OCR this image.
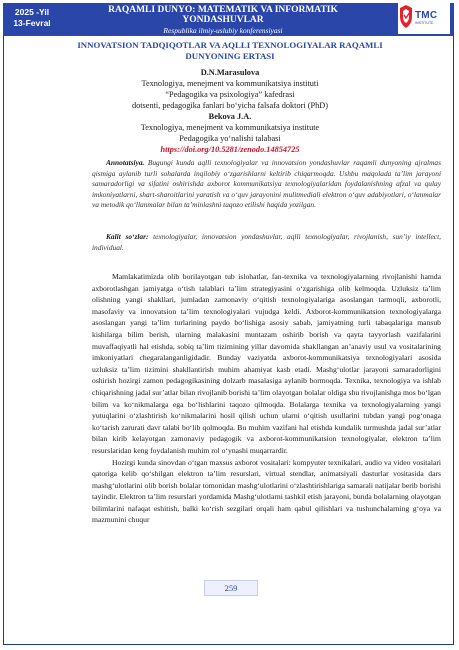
2025 -Yil
13-Fevral
RAQAMLI DUNYO: MATEMATIK VA INFORMATIK
YONDASHUVLAR
Respublika ilmiy-uslubiy konferensiyasi
TMC
INSTITUTE
INNOVATSION TADQIQOTLAR VA AQLLI TEXNOLOGIYALAR RAQAMLI
DUNYONING ERTASI
D.N.Marasulova
Texnologiya, menejment va kommunikatsiya instituti
“Pedagogika va psixologiya” kafedrasi
dotsenti, pedagogika fanlari bo‘yicha falsafa doktori (PhD)
Bekova J.A.
Texnologiya, menejment va kommunikatsiya institute
Pedagogika yo‘nalishi talabasi
https://doi.org/10.5281/zenodo.14854725
Annotatsiya. Bugungi kunda aqlli texnologiyalar va innovatsion yondashuvlar raqamli dunyoning ajralmas qismiga aylanib turli sohalarda inqilobiy o‘zgarishlarni keltirib chiqarmoqda. Ushbu maqolada ta’lim jarayoni samaradorligi va sifatini oshirishda axborot kommunikatsiya texnologiyalaridan foydalanishning afzal va qulay imkoniyatlarni, shart-sharoitlarini yaratish va o‘quv jarayonini mulitmediali elektron o‘quv adabiyotlari, o‘lanmalar va metodik qo‘llanmalar bilan ta’minlashni taqozo etilishi haqida yozilgan.
Kalit so‘zlar: texnologiyalar, innovatsion yondashuvlar, aqlli texnologiyalar, rivojlanish, sun’iy intellect, individual.

Mamlakatimizda olib borilayotgan tub islohatlar, fan-texnika va texnologiyalarning rivojlanishi hamda axborotlashgan jamiyatga o‘tish talablari ta’lim strategiyasini o‘zgarishiga olib kelmoqda. Uzluksiz ta’lim olishning yangi shakllari, jumladan zamonaviy o‘qitish texnologiyalariga asoslangan tarmoqli, axborotli, masofaviy va innovatsion ta’lim texnologiyalari vujudga keldi. Axborot-kommunikatsion texnologiyalarga asoslangan yangi ta’lim turlarining paydo bo‘lishiga asosiy sabab, jamiyatning turli tabaqalariga mansub kishilarga bilim berish, ularning malakasini muntazam oshirib borish va qayta tayyorlash vazifalarini muvaffaqiyatli hal etishda, sobiq ta’lim tizimining yillar davomida shakllangan an’anaviy usul va vositalarining imkoniyatlari chegaralanganligidadir. Bunday vaziyatda axborot-kommunikatsiya texnologiyalari asosida uzluksiz ta’lim tizimini shakllantirish muhim ahamiyat kasb etadi. Mashg‘ulotlar jarayoni samaradorligini oshirish hozirgi zamon pedagogikasining dolzarb masalasiga aylanib bormoqda. Texnika, texnologiya va ishlab chiqarishning jadal sur’atlar bilan rivojlanib borishi ta’lim olayotgan bolalar oldiga shu rivojlanishga mos bo‘lgan bilim va ko‘nikmalarga ega bo‘lishlarini taqozo qilmoqda. Bolalarga texnika va texnologiyalarning yangi yutuqlarini o‘zlashtirish ko‘nikmalarini hosil qilish uchun ularni o‘qitish usullarini tubdan yangi pog‘onaga ko‘tarish zarurati davr talabi bo‘lib qolmoqda. Bu muhim vazifani hal etishda kundalik turmushda jadal sur’atlar bilan kirib kelayotgan zamonaviy pedagogik va axborot-kommunikatsion texnologiyalar, elektron ta’lim resurslaridan keng foydalanish muhim rol o‘ynashi muqarrardir.

Hozirgi kunda sinovdan o‘tgan maxsus axborot vositalari: kompyuter texnikalari, audio va video vositalari qatoriga kelib qo‘shilgan elektron ta’lim resurslari, virtual stendlar, animatsiyali dasturlar vositasida dars mashg‘ulotlarini olib borish bolalar tomonidan mashg‘ulotlarini o‘zlashtirishlariga samarali natijalar berib borishi tayindir. Elektron ta’lim resurslari yordamida Mashg‘ulotlarni tashkil etish jarayoni, bunda bolalarning olayotgan bilimlarini nafaqat eshitish, balki ko‘rish sezgilari orqali ham qabul qilishlari va tushunchalarning g‘oya va mazmunini chuqur

259
